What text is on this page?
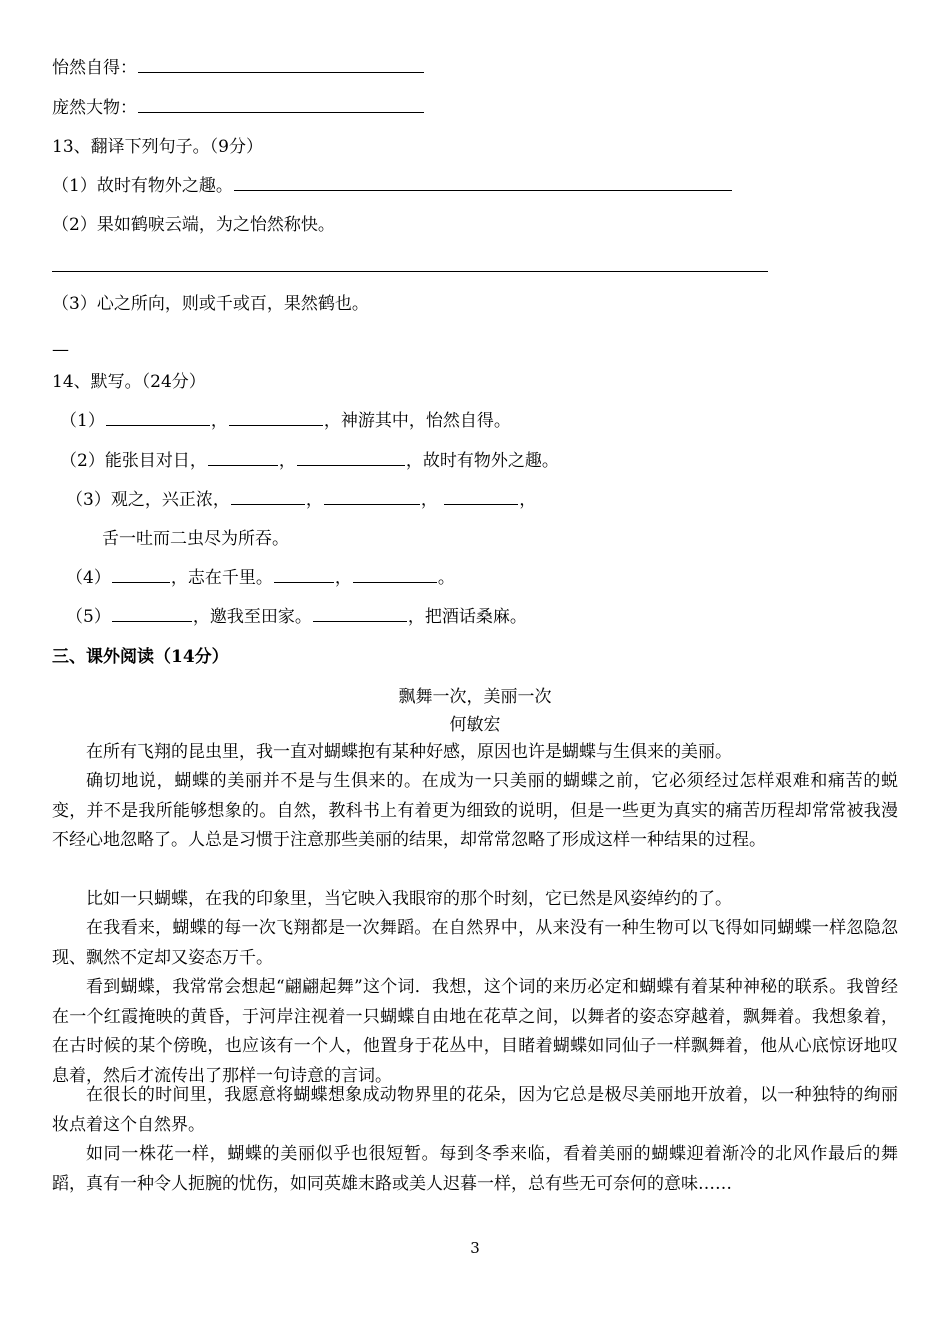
怡然自得：
庞然大物：
13、翻译下列句子。（9分）
（1）故时有物外之趣。
（2）果如鹤唳云端，为之怡然称快。
（3）心之所向，则或千或百，果然鹤也。
—
14、默写。（24分）
（1）	，	，神游其中，怡然自得。
（2）能张目对日，	，	，故时有物外之趣。
（3）观之，兴正浓，	，	，	，
舌一吐而二虫尽为所吞。
（4）	，志在千里。	，	。
（5）	，邀我至田家。	，把酒话桑麻。
三、课外阅读（14分）
飘舞一次，美丽一次
何敏宏
在所有飞翔的昆虫里，我一直对蝴蝶抱有某种好感，原因也许是蝴蝶与生俱来的美丽。
确切地说，蝴蝶的美丽并不是与生俱来的。在成为一只美丽的蝴蝶之前，它必须经过怎样艰难和痛苦的蜕变，并不是我所能够想象的。自然，教科书上有着更为细致的说明，但是一些更为真实的痛苦历程却常常被我漫不经心地忽略了。人总是习惯于注意那些美丽的结果，却常常忽略了形成这样一种结果的过程。
比如一只蝴蝶，在我的印象里，当它映入我眼帘的那个时刻，它已然是风姿绰约的了。
在我看来，蝴蝶的每一次飞翔都是一次舞蹈。在自然界中，从来没有一种生物可以飞得如同蝴蝶一样忽隐忽现、飘然不定却又姿态万千。
看到蝴蝶，我常常会想起“翩翩起舞”这个词．我想，这个词的来历必定和蝴蝶有着某种神秘的联系。我曾经在一个红霞掩映的黄昏，于河岸注视着一只蝴蝶自由地在花草之间，以舞者的姿态穿越着，飘舞着。我想象着，在古时候的某个傍晚，也应该有一个人，他置身于花丛中，目睹着蝴蝶如同仙子一样飘舞着，他从心底惊讶地叹息着，然后才流传出了那样一句诗意的言词。
在很长的时间里，我愿意将蝴蝶想象成动物界里的花朵，因为它总是极尽美丽地开放着，以一种独特的绚丽妆点着这个自然界。
如同一株花一样，蝴蝶的美丽似乎也很短暂。每到冬季来临，看着美丽的蝴蝶迎着渐冷的北风作最后的舞蹈，真有一种令人扼腕的忧伤，如同英雄末路或美人迟暮一样，总有些无可奈何的意味……
3
